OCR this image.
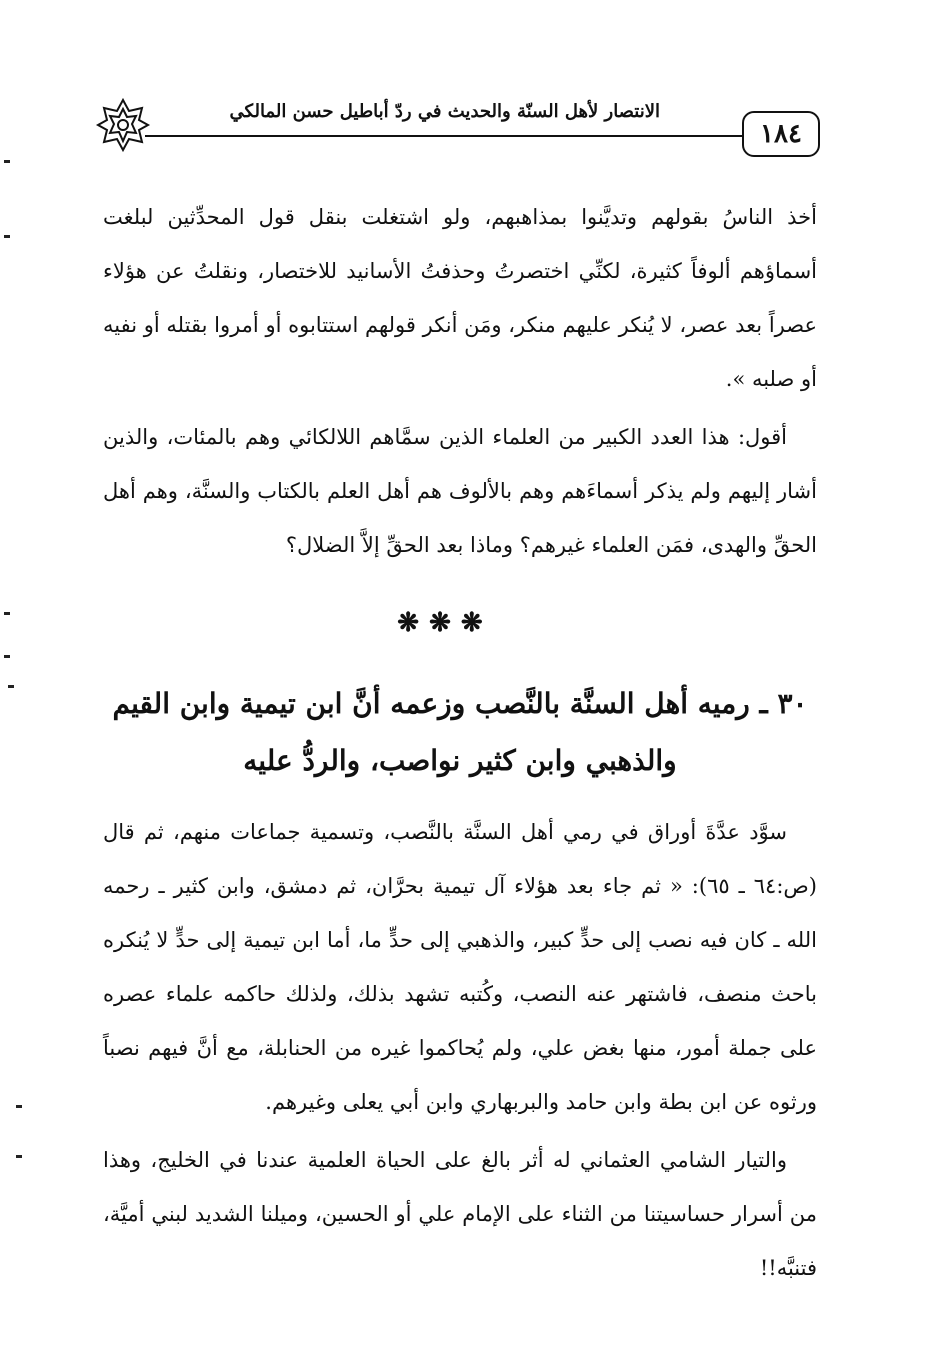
الانتصار لأهل السنّة والحديث في ردّ أباطيل حسن المالكي
١٨٤

أخذ الناسُ بقولهم وتديَّنوا بمذاهبهم، ولو اشتغلت بنقل قول المحدِّثين لبلغت أسماؤهم ألوفاً كثيرة، لكنِّي اختصرتُ وحذفتُ الأسانيد للاختصار، ونقلتُ عن هؤلاء عصراً بعد عصر، لا يُنكر عليهم منكر، ومَن أنكر قولهم استتابوه أو أمروا بقتله أو نفيه أو صلبه ».

أقول: هذا العدد الكبير من العلماء الذين سمَّاهم اللالكائي وهم بالمئات، والذين أشار إليهم ولم يذكر أسماءَهم وهم بالألوف هم أهل العلم بالكتاب والسنَّة، وهم أهل الحقِّ والهدى، فمَن العلماء غيرهم؟ وماذا بعد الحقِّ إلاَّ الضلال؟

❋ ❋ ❋
٣٠ ـ رميه أهل السنَّة بالنَّصب وزعمه أنَّ ابن تيمية وابن القيم
والذهبي وابن كثير نواصب، والردُّ عليه

سوَّد عدَّةَ أوراق في رمي أهل السنَّة بالنَّصب، وتسمية جماعات منهم، ثم قال (ص:٦٤ ـ ٦٥): « ثم جاء بعد هؤلاء آل تيمية بحرَّان، ثم دمشق، وابن كثير ـ رحمه الله ـ كان فيه نصب إلى حدٍّ كبير، والذهبي إلى حدٍّ ما، أما ابن تيمية إلى حدٍّ لا يُنكره باحث منصف، فاشتهر عنه النصب، وكُتبه تشهد بذلك، ولذلك حاكمه علماء عصره على جملة أمور، منها بغض علي، ولم يُحاكموا غيره من الحنابلة، مع أنَّ فيهم نصباً ورثوه عن ابن بطة وابن حامد والبربهاري وابن أبي يعلى وغيرهم.

والتيار الشامي العثماني له أثر بالغ على الحياة العلمية عندنا في الخليج، وهذا من أسرار حساسيتنا من الثناء على الإمام علي أو الحسين، وميلنا الشديد لبني أميَّة، فتنبَّه!!
